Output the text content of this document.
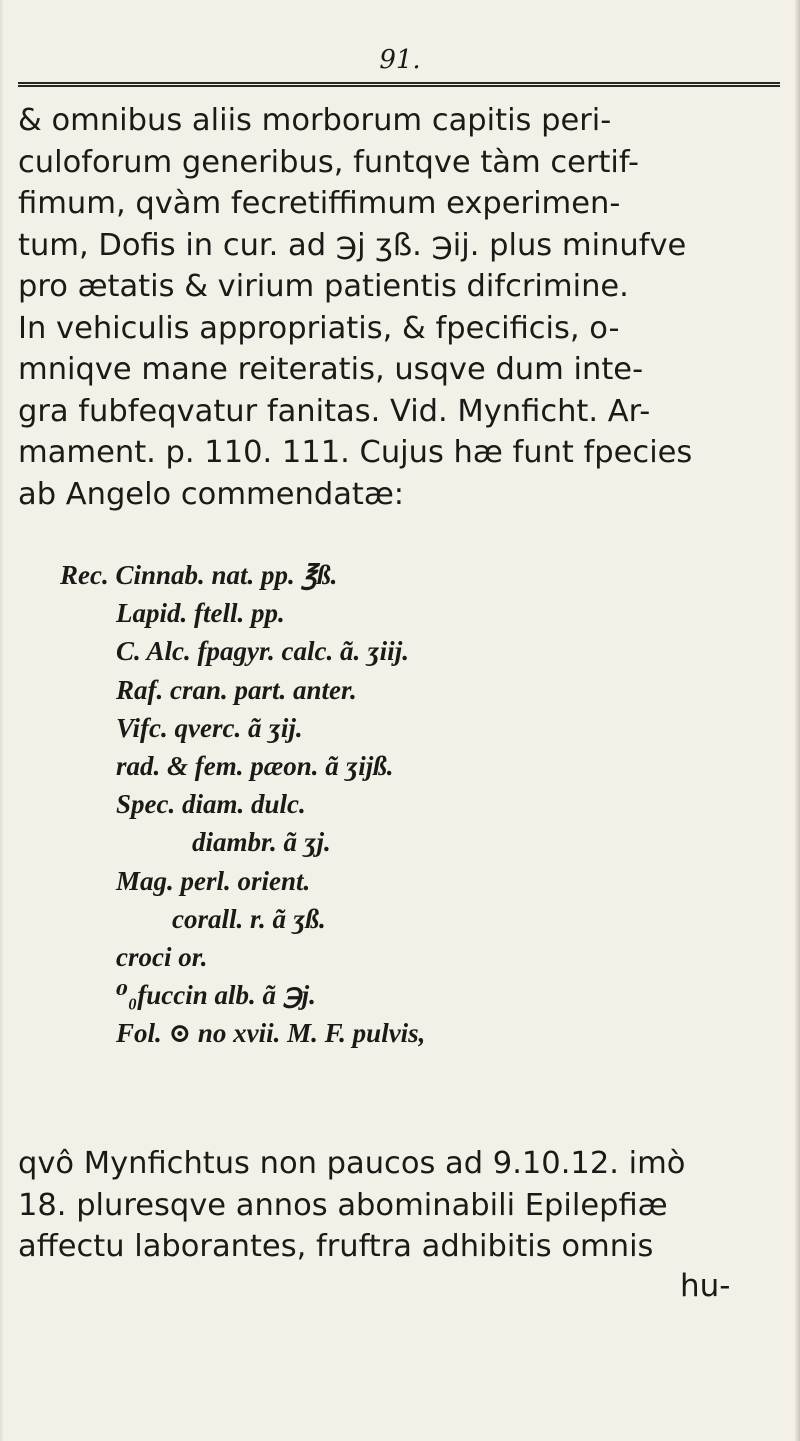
91.
& omnibus aliis morborum capitis peri-
culoforum generibus, funtqve tàm certif-
fimum, qvàm fecretiffimum experimen-
tum, Dofis in cur. ad ℈j ʒß. ℈ij. plus minufve
pro ætatis & virium patientis difcrimine.
In vehiculis appropriatis, & fpecificis, o-
mniqve mane reiteratis, usqve dum inte-
gra fubfeqvatur fanitas. Vid. Mynficht. Ar-
mament. p. 110. 111. Cujus hæ funt fpecies
ab Angelo commendatæ:
Rec. Cinnab. nat. pp. ℥ß.
Lapid. ftell. pp.
C. Alc. fpagyr. calc. ã. ʒiij.
Raf. cran. part. anter.
Vifc. qverc. ã ʒij.
rad. & fem. pæon. ã ʒijß.
Spec. diam. dulc.
diambr. ã ʒj.
Mag. perl. orient.
corall. r. ã ʒß.
croci or.
⁰₀fuccin alb. ã ℈j.
Fol. ⊙ no xvii. M. F. pulvis,
qvô Mynfichtus non paucos ad 9.10.12. imò
18. pluresqve annos abominabili Epilepfiæ
affectu laborantes, fruftra adhibitis omnis
hu-
